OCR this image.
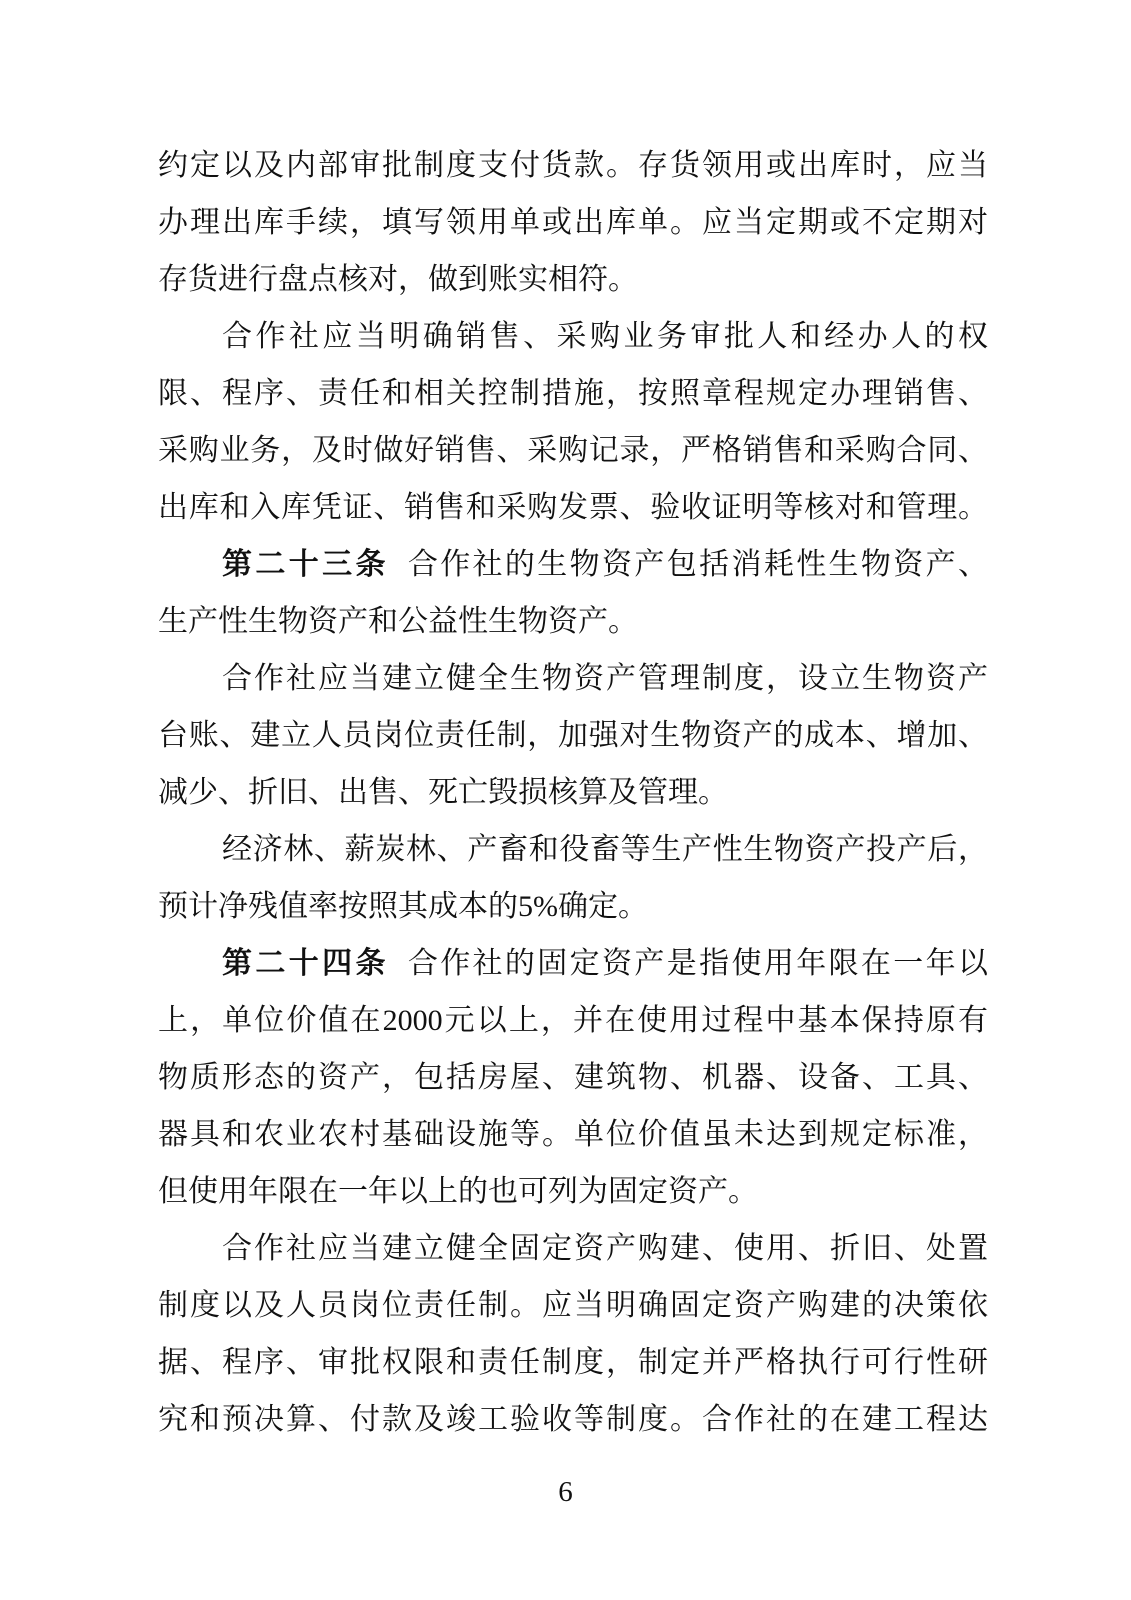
约定以及内部审批制度支付货款。存货领用或出库时，应当
办理出库手续，填写领用单或出库单。应当定期或不定期对
存货进行盘点核对，做到账实相符。
合作社应当明确销售、采购业务审批人和经办人的权
限、程序、责任和相关控制措施，按照章程规定办理销售、
采购业务，及时做好销售、采购记录，严格销售和采购合同、
出库和入库凭证、销售和采购发票、验收证明等核对和管理。
第二十三条 合作社的生物资产包括消耗性生物资产、
生产性生物资产和公益性生物资产。
合作社应当建立健全生物资产管理制度，设立生物资产
台账、建立人员岗位责任制，加强对生物资产的成本、增加、
减少、折旧、出售、死亡毁损核算及管理。
经济林、薪炭林、产畜和役畜等生产性生物资产投产后，
预计净残值率按照其成本的5%确定。
第二十四条 合作社的固定资产是指使用年限在一年以
上，单位价值在2000元以上，并在使用过程中基本保持原有
物质形态的资产，包括房屋、建筑物、机器、设备、工具、
器具和农业农村基础设施等。单位价值虽未达到规定标准，
但使用年限在一年以上的也可列为固定资产。
合作社应当建立健全固定资产购建、使用、折旧、处置
制度以及人员岗位责任制。应当明确固定资产购建的决策依
据、程序、审批权限和责任制度，制定并严格执行可行性研
究和预决算、付款及竣工验收等制度。合作社的在建工程达
6
